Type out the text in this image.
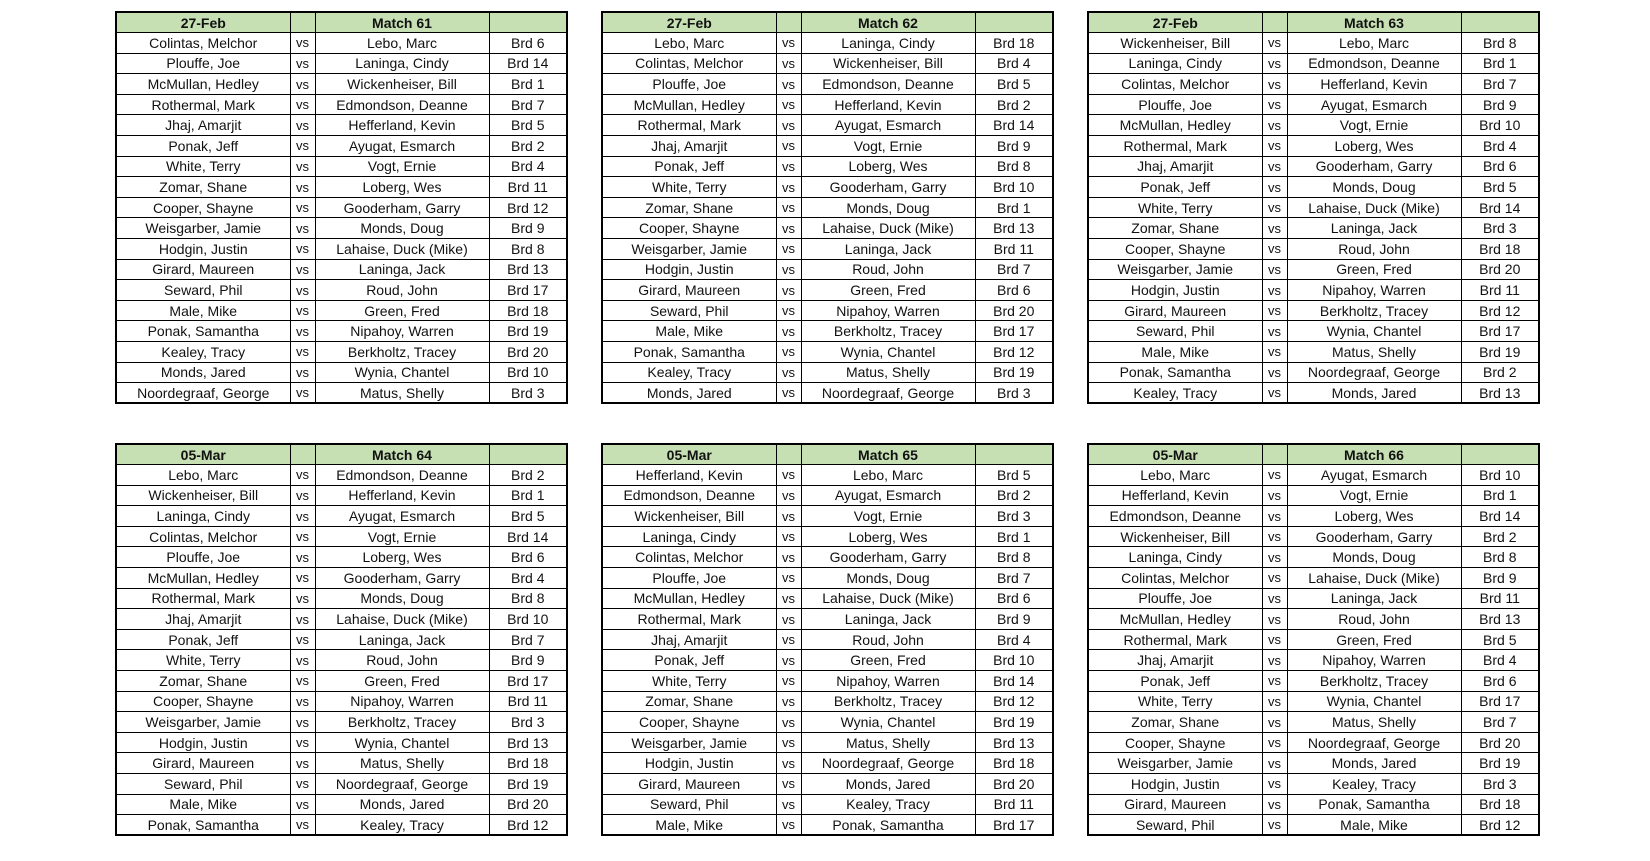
27-Feb		Match 61	
Colintas, Melchor	vs	Lebo, Marc	Brd 6
Plouffe, Joe	vs	Laninga, Cindy	Brd 14
McMullan, Hedley	vs	Wickenheiser, Bill	Brd 1
Rothermal, Mark	vs	Edmondson, Deanne	Brd 7
Jhaj, Amarjit	vs	Hefferland, Kevin	Brd 5
Ponak, Jeff	vs	Ayugat, Esmarch	Brd 2
White, Terry	vs	Vogt, Ernie	Brd 4
Zomar, Shane	vs	Loberg, Wes	Brd 11
Cooper, Shayne	vs	Gooderham, Garry	Brd 12
Weisgarber, Jamie	vs	Monds, Doug	Brd 9
Hodgin, Justin	vs	Lahaise, Duck (Mike)	Brd 8
Girard, Maureen	vs	Laninga, Jack	Brd 13
Seward, Phil	vs	Roud, John	Brd 17
Male, Mike	vs	Green, Fred	Brd 18
Ponak, Samantha	vs	Nipahoy, Warren	Brd 19
Kealey, Tracy	vs	Berkholtz, Tracey	Brd 20
Monds, Jared	vs	Wynia, Chantel	Brd 10
Noordegraaf, George	vs	Matus, Shelly	Brd 3
27-Feb		Match 62	
Lebo, Marc	vs	Laninga, Cindy	Brd 18
Colintas, Melchor	vs	Wickenheiser, Bill	Brd 4
Plouffe, Joe	vs	Edmondson, Deanne	Brd 5
McMullan, Hedley	vs	Hefferland, Kevin	Brd 2
Rothermal, Mark	vs	Ayugat, Esmarch	Brd 14
Jhaj, Amarjit	vs	Vogt, Ernie	Brd 9
Ponak, Jeff	vs	Loberg, Wes	Brd 8
White, Terry	vs	Gooderham, Garry	Brd 10
Zomar, Shane	vs	Monds, Doug	Brd 1
Cooper, Shayne	vs	Lahaise, Duck (Mike)	Brd 13
Weisgarber, Jamie	vs	Laninga, Jack	Brd 11
Hodgin, Justin	vs	Roud, John	Brd 7
Girard, Maureen	vs	Green, Fred	Brd 6
Seward, Phil	vs	Nipahoy, Warren	Brd 20
Male, Mike	vs	Berkholtz, Tracey	Brd 17
Ponak, Samantha	vs	Wynia, Chantel	Brd 12
Kealey, Tracy	vs	Matus, Shelly	Brd 19
Monds, Jared	vs	Noordegraaf, George	Brd 3
27-Feb		Match 63	
Wickenheiser, Bill	vs	Lebo, Marc	Brd 8
Laninga, Cindy	vs	Edmondson, Deanne	Brd 1
Colintas, Melchor	vs	Hefferland, Kevin	Brd 7
Plouffe, Joe	vs	Ayugat, Esmarch	Brd 9
McMullan, Hedley	vs	Vogt, Ernie	Brd 10
Rothermal, Mark	vs	Loberg, Wes	Brd 4
Jhaj, Amarjit	vs	Gooderham, Garry	Brd 6
Ponak, Jeff	vs	Monds, Doug	Brd 5
White, Terry	vs	Lahaise, Duck (Mike)	Brd 14
Zomar, Shane	vs	Laninga, Jack	Brd 3
Cooper, Shayne	vs	Roud, John	Brd 18
Weisgarber, Jamie	vs	Green, Fred	Brd 20
Hodgin, Justin	vs	Nipahoy, Warren	Brd 11
Girard, Maureen	vs	Berkholtz, Tracey	Brd 12
Seward, Phil	vs	Wynia, Chantel	Brd 17
Male, Mike	vs	Matus, Shelly	Brd 19
Ponak, Samantha	vs	Noordegraaf, George	Brd 2
Kealey, Tracy	vs	Monds, Jared	Brd 13
05-Mar		Match 64	
Lebo, Marc	vs	Edmondson, Deanne	Brd 2
Wickenheiser, Bill	vs	Hefferland, Kevin	Brd 1
Laninga, Cindy	vs	Ayugat, Esmarch	Brd 5
Colintas, Melchor	vs	Vogt, Ernie	Brd 14
Plouffe, Joe	vs	Loberg, Wes	Brd 6
McMullan, Hedley	vs	Gooderham, Garry	Brd 4
Rothermal, Mark	vs	Monds, Doug	Brd 8
Jhaj, Amarjit	vs	Lahaise, Duck (Mike)	Brd 10
Ponak, Jeff	vs	Laninga, Jack	Brd 7
White, Terry	vs	Roud, John	Brd 9
Zomar, Shane	vs	Green, Fred	Brd 17
Cooper, Shayne	vs	Nipahoy, Warren	Brd 11
Weisgarber, Jamie	vs	Berkholtz, Tracey	Brd 3
Hodgin, Justin	vs	Wynia, Chantel	Brd 13
Girard, Maureen	vs	Matus, Shelly	Brd 18
Seward, Phil	vs	Noordegraaf, George	Brd 19
Male, Mike	vs	Monds, Jared	Brd 20
Ponak, Samantha	vs	Kealey, Tracy	Brd 12
05-Mar		Match 65	
Hefferland, Kevin	vs	Lebo, Marc	Brd 5
Edmondson, Deanne	vs	Ayugat, Esmarch	Brd 2
Wickenheiser, Bill	vs	Vogt, Ernie	Brd 3
Laninga, Cindy	vs	Loberg, Wes	Brd 1
Colintas, Melchor	vs	Gooderham, Garry	Brd 8
Plouffe, Joe	vs	Monds, Doug	Brd 7
McMullan, Hedley	vs	Lahaise, Duck (Mike)	Brd 6
Rothermal, Mark	vs	Laninga, Jack	Brd 9
Jhaj, Amarjit	vs	Roud, John	Brd 4
Ponak, Jeff	vs	Green, Fred	Brd 10
White, Terry	vs	Nipahoy, Warren	Brd 14
Zomar, Shane	vs	Berkholtz, Tracey	Brd 12
Cooper, Shayne	vs	Wynia, Chantel	Brd 19
Weisgarber, Jamie	vs	Matus, Shelly	Brd 13
Hodgin, Justin	vs	Noordegraaf, George	Brd 18
Girard, Maureen	vs	Monds, Jared	Brd 20
Seward, Phil	vs	Kealey, Tracy	Brd 11
Male, Mike	vs	Ponak, Samantha	Brd 17
05-Mar		Match 66	
Lebo, Marc	vs	Ayugat, Esmarch	Brd 10
Hefferland, Kevin	vs	Vogt, Ernie	Brd 1
Edmondson, Deanne	vs	Loberg, Wes	Brd 14
Wickenheiser, Bill	vs	Gooderham, Garry	Brd 2
Laninga, Cindy	vs	Monds, Doug	Brd 8
Colintas, Melchor	vs	Lahaise, Duck (Mike)	Brd 9
Plouffe, Joe	vs	Laninga, Jack	Brd 11
McMullan, Hedley	vs	Roud, John	Brd 13
Rothermal, Mark	vs	Green, Fred	Brd 5
Jhaj, Amarjit	vs	Nipahoy, Warren	Brd 4
Ponak, Jeff	vs	Berkholtz, Tracey	Brd 6
White, Terry	vs	Wynia, Chantel	Brd 17
Zomar, Shane	vs	Matus, Shelly	Brd 7
Cooper, Shayne	vs	Noordegraaf, George	Brd 20
Weisgarber, Jamie	vs	Monds, Jared	Brd 19
Hodgin, Justin	vs	Kealey, Tracy	Brd 3
Girard, Maureen	vs	Ponak, Samantha	Brd 18
Seward, Phil	vs	Male, Mike	Brd 12
